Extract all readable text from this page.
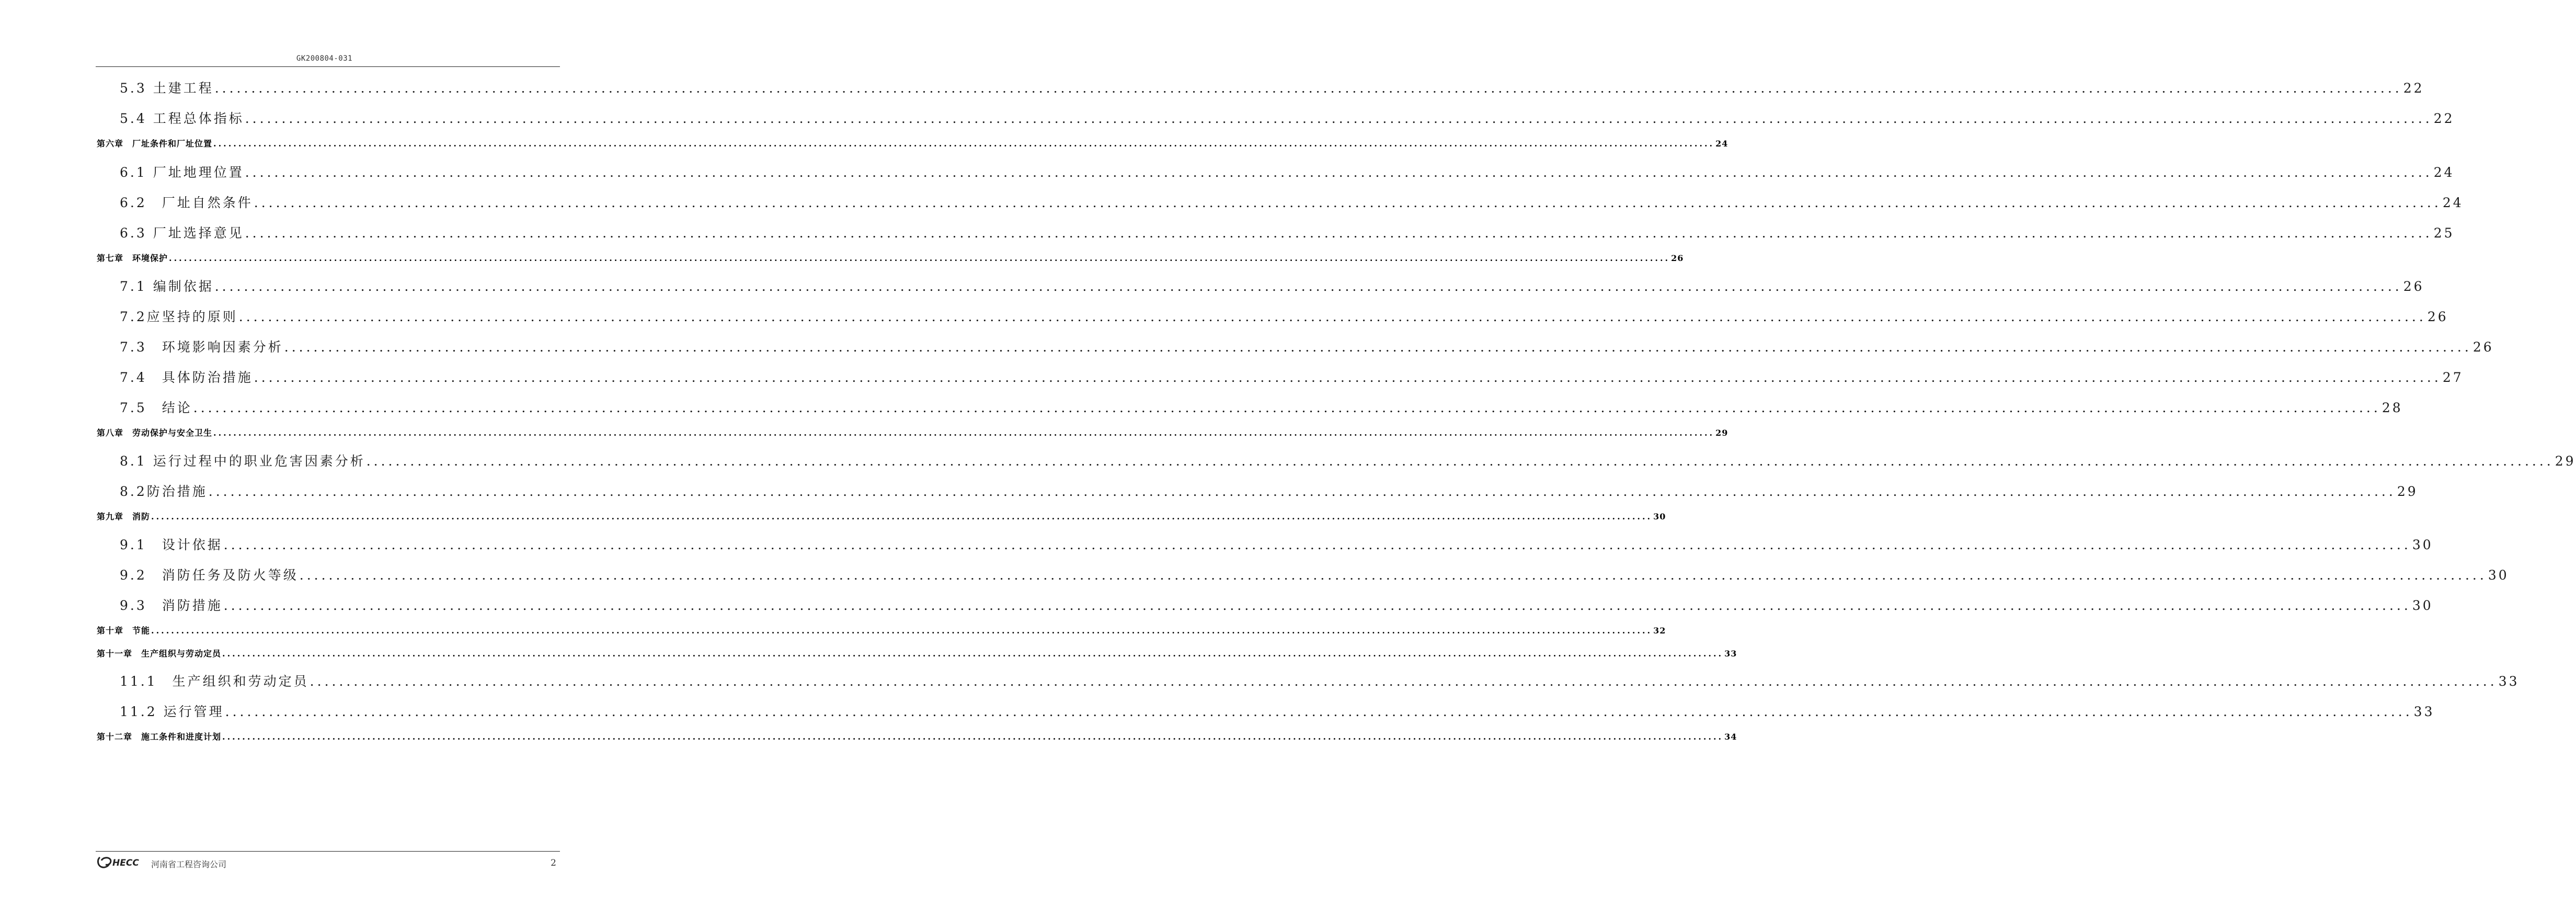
GK200804-031
5.3 土建工程 ............................................................................................................................................................................................................................................................................................................ 22
5.4 工程总体指标 ............................................................................................................................................................................................................................................................................................................ 22
第六章　厂址条件和厂址位置 ............................................................................................................................................................................................................................................................................................................ 24
6.1 厂址地理位置 ............................................................................................................................................................................................................................................................................................................ 24
6.2　厂址自然条件 ............................................................................................................................................................................................................................................................................................................ 24
6.3 厂址选择意见 ............................................................................................................................................................................................................................................................................................................ 25
第七章　环境保护 ............................................................................................................................................................................................................................................................................................................ 26
7.1 编制依据 ............................................................................................................................................................................................................................................................................................................ 26
7.2应坚持的原则 ............................................................................................................................................................................................................................................................................................................ 26
7.3　环境影响因素分析 ............................................................................................................................................................................................................................................................................................................ 26
7.4　具体防治措施 ............................................................................................................................................................................................................................................................................................................ 27
7.5　结论 ............................................................................................................................................................................................................................................................................................................ 28
第八章　劳动保护与安全卫生 ............................................................................................................................................................................................................................................................................................................ 29
8.1 运行过程中的职业危害因素分析 ............................................................................................................................................................................................................................................................................................................ 29
8.2防治措施 ............................................................................................................................................................................................................................................................................................................ 29
第九章　消防 ............................................................................................................................................................................................................................................................................................................ 30
9.1　设计依据 ............................................................................................................................................................................................................................................................................................................ 30
9.2　消防任务及防火等级 ............................................................................................................................................................................................................................................................................................................ 30
9.3　消防措施 ............................................................................................................................................................................................................................................................................................................ 30
第十章　节能 ............................................................................................................................................................................................................................................................................................................ 32
第十一章　生产组织与劳动定员 ............................................................................................................................................................................................................................................................................................................ 33
11.1　生产组织和劳动定员 ............................................................................................................................................................................................................................................................................................................ 33
11.2 运行管理 ............................................................................................................................................................................................................................................................................................................ 33
第十二章　施工条件和进度计划 ............................................................................................................................................................................................................................................................................................................ 34
HECC 河南省工程咨询公司	2
